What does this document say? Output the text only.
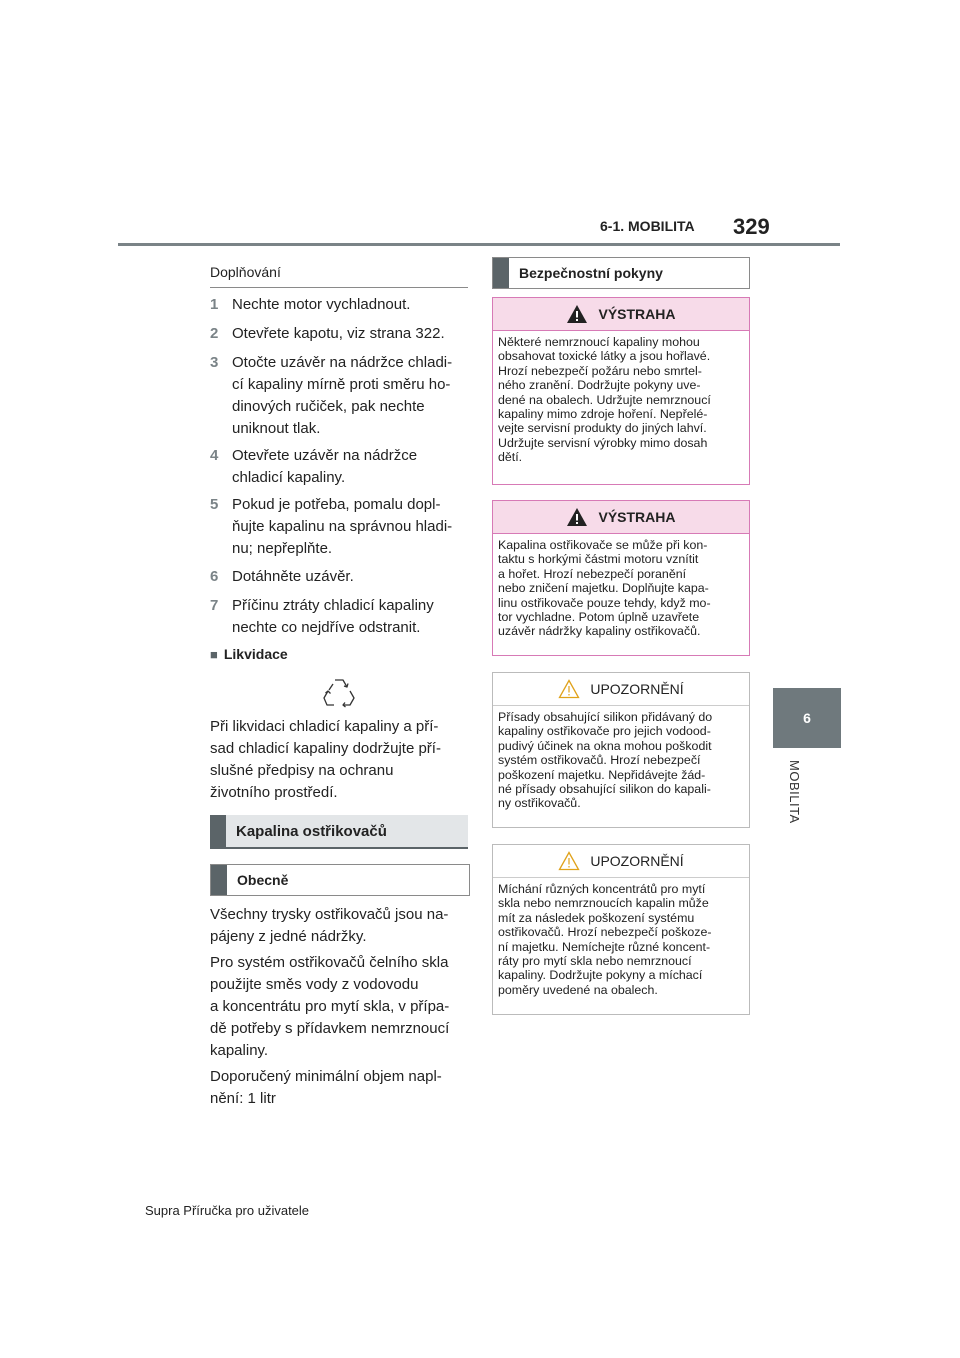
6-1. MOBILITA 329
6
MOBILITA
Doplňování
1 Nechte motor vychladnout.
2 Otevřete kapotu, viz strana 322.
3 Otočte uzávěr na nádržce chladi-
cí kapaliny mírně proti směru ho-
dinových ručiček, pak nechte
uniknout tlak.
4 Otevřete uzávěr na nádržce
chladicí kapaliny.
5 Pokud je potřeba, pomalu dopl-
ňujte kapalinu na správnou hladi-
nu; nepřeplňte.
6 Dotáhněte uzávěr.
7 Příčinu ztráty chladicí kapaliny
nechte co nejdříve odstranit.
■ Likvidace
Při likvidaci chladicí kapaliny a pří-
sad chladicí kapaliny dodržujte pří-
slušné předpisy na ochranu
životního prostředí.
Kapalina ostřikovačů
Obecně
Všechny trysky ostřikovačů jsou na-
pájeny z jedné nádržky.
Pro systém ostřikovačů čelního skla
použijte směs vody z vodovodu
a koncentrátu pro mytí skla, v přípa-
dě potřeby s přídavkem nemrznoucí
kapaliny.
Doporučený minimální objem napl-
nění: 1 litr
Bezpečnostní pokyny
VÝSTRAHA
Některé nemrznoucí kapaliny mohou
obsahovat toxické látky a jsou hořlavé.
Hrozí nebezpečí požáru nebo smrtel-
ného zranění. Dodržujte pokyny uve-
dené na obalech. Udržujte nemrznoucí
kapaliny mimo zdroje hoření. Nepřelé-
vejte servisní produkty do jiných lahví.
Udržujte servisní výrobky mimo dosah
dětí.
VÝSTRAHA
Kapalina ostřikovače se může při kon-
taktu s horkými částmi motoru vznítit
a hořet. Hrozí nebezpečí poranění
nebo zničení majetku. Doplňujte kapa-
linu ostřikovače pouze tehdy, když mo-
tor vychladne. Potom úplně uzavřete
uzávěr nádržky kapaliny ostřikovačů.
UPOZORNĚNÍ
Přísady obsahující silikon přidávaný do
kapaliny ostřikovače pro jejich vodood-
pudivý účinek na okna mohou poškodit
systém ostřikovačů. Hrozí nebezpečí
poškození majetku. Nepřidávejte žád-
né přísady obsahující silikon do kapali-
ny ostřikovačů.
UPOZORNĚNÍ
Míchání různých koncentrátů pro mytí
skla nebo nemrznoucích kapalin může
mít za následek poškození systému
ostřikovačů. Hrozí nebezpečí poškoze-
ní majetku. Nemíchejte různé koncent-
ráty pro mytí skla nebo nemrznoucí
kapaliny. Dodržujte pokyny a míchací
poměry uvedené na obalech.
Supra Příručka pro uživatele
